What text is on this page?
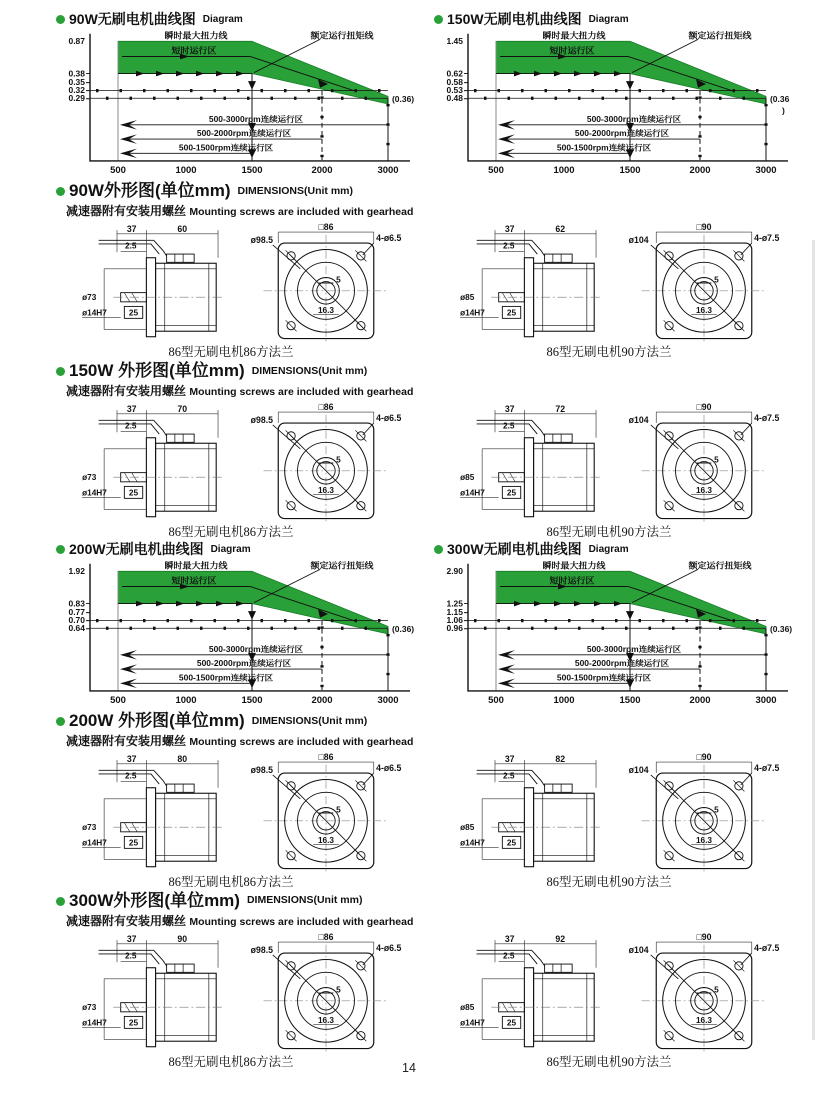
90W无刷电机曲线图 Diagram
瞬时最大扭力线
短时运行区
额定运行扭矩线
500-3000rpm连续运行区
500-2000rpm连续运行区
500-1500rpm连续运行区
0.87
0.38
0.35
0.32
0.29	(0.36)
500	1000	1500	2000	3000
150W无刷电机曲线图 Diagram
瞬时最大扭力线
短时运行区
额定运行扭矩线
500-3000rpm连续运行区
500-2000rpm连续运行区
500-1500rpm连续运行区
1.45
0.62
0.58
0.53
0.48	(0.36
)
500	1000	1500	2000	3000
90W外形图(单位mm) DIMENSIONS(Unit mm)
减速器附有安装用螺丝 Mounting screws are included with gearhead
37	60
2.5
ø73
ø14H7 25
□86
ø98.5	4-ø6.5
5
16.3
86型无刷电机86方法兰
37	62
2.5
ø85
ø14H7 25
□90
ø104	4-ø7.5
5
16.3
86型无刷电机90方法兰
150W 外形图(单位mm) DIMENSIONS(Unit mm)
减速器附有安装用螺丝 Mounting screws are included with gearhead
37	70
2.5
ø73
ø14H7 25
□86
ø98.5	4-ø6.5
5
16.3
86型无刷电机86方法兰
37	72
2.5
ø85
ø14H7 25
□90
ø104	4-ø7.5
5
16.3
86型无刷电机90方法兰
200W无刷电机曲线图 Diagram
瞬时最大扭力线
短时运行区
额定运行扭矩线
500-3000rpm连续运行区
500-2000rpm连续运行区
500-1500rpm连续运行区
1.92
0.83
0.77
0.70
0.64	(0.36)
500	1000	1500	2000	3000
300W无刷电机曲线图 Diagram
瞬时最大扭力线
短时运行区
额定运行扭矩线
500-3000rpm连续运行区
500-2000rpm连续运行区
500-1500rpm连续运行区
2.90
1.25
1.15
1.06
0.96	(0.36)
500	1000	1500	2000	3000
200W 外形图(单位mm) DIMENSIONS(Unit mm)
减速器附有安装用螺丝 Mounting screws are included with gearhead
37	80
2.5
ø73
ø14H7 25
□86
ø98.5	4-ø6.5
5
16.3
86型无刷电机86方法兰
37	82
2.5
ø85
ø14H7 25
□90
ø104	4-ø7.5
5
16.3
86型无刷电机90方法兰
300W外形图(单位mm) DIMENSIONS(Unit mm)
减速器附有安装用螺丝 Mounting screws are included with gearhead
37	90
2.5
ø73
ø14H7 25
□86
ø98.5	4-ø6.5
5
16.3
86型无刷电机86方法兰
37	92
2.5
ø85
ø14H7 25
□90
ø104	4-ø7.5
5
16.3
86型无刷电机90方法兰
14
